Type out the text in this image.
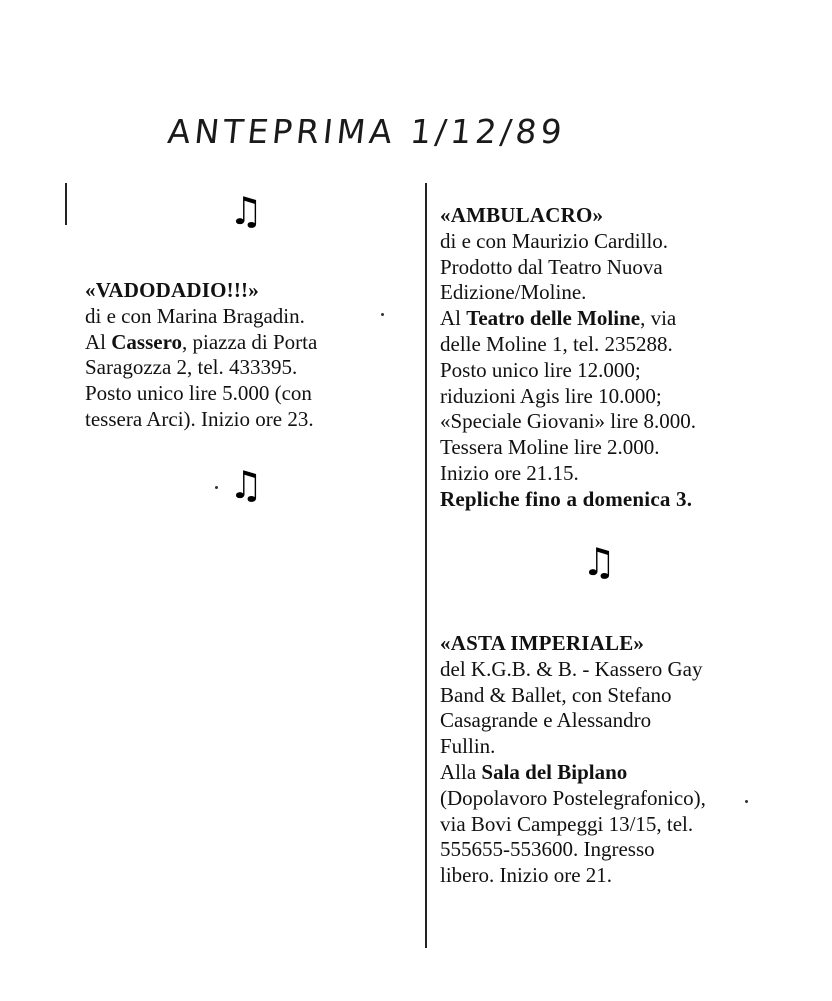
ANTEPRIMA 1/12/89
♫
♫
♫
«VADODADIO!!!»
di e con Marina Bragadin.
Al Cassero, piazza di Porta
Saragozza 2, tel. 433395.
Posto unico lire 5.000 (con
tessera Arci). Inizio ore 23.
«AMBULACRO»
di e con Maurizio Cardillo.
Prodotto dal Teatro Nuova
Edizione/Moline.
Al Teatro delle Moline, via
delle Moline 1, tel. 235288.
Posto unico lire 12.000;
riduzioni Agis lire 10.000;
«Speciale Giovani» lire 8.000.
Tessera Moline lire 2.000.
Inizio ore 21.15.
Repliche fino a domenica 3.
«ASTA IMPERIALE»
del K.G.B. & B. - Kassero Gay
Band & Ballet, con Stefano
Casagrande e Alessandro
Fullin.
Alla Sala del Biplano
(Dopolavoro Postelegrafonico),
via Bovi Campeggi 13/15, tel.
555655-553600. Ingresso
libero. Inizio ore 21.
